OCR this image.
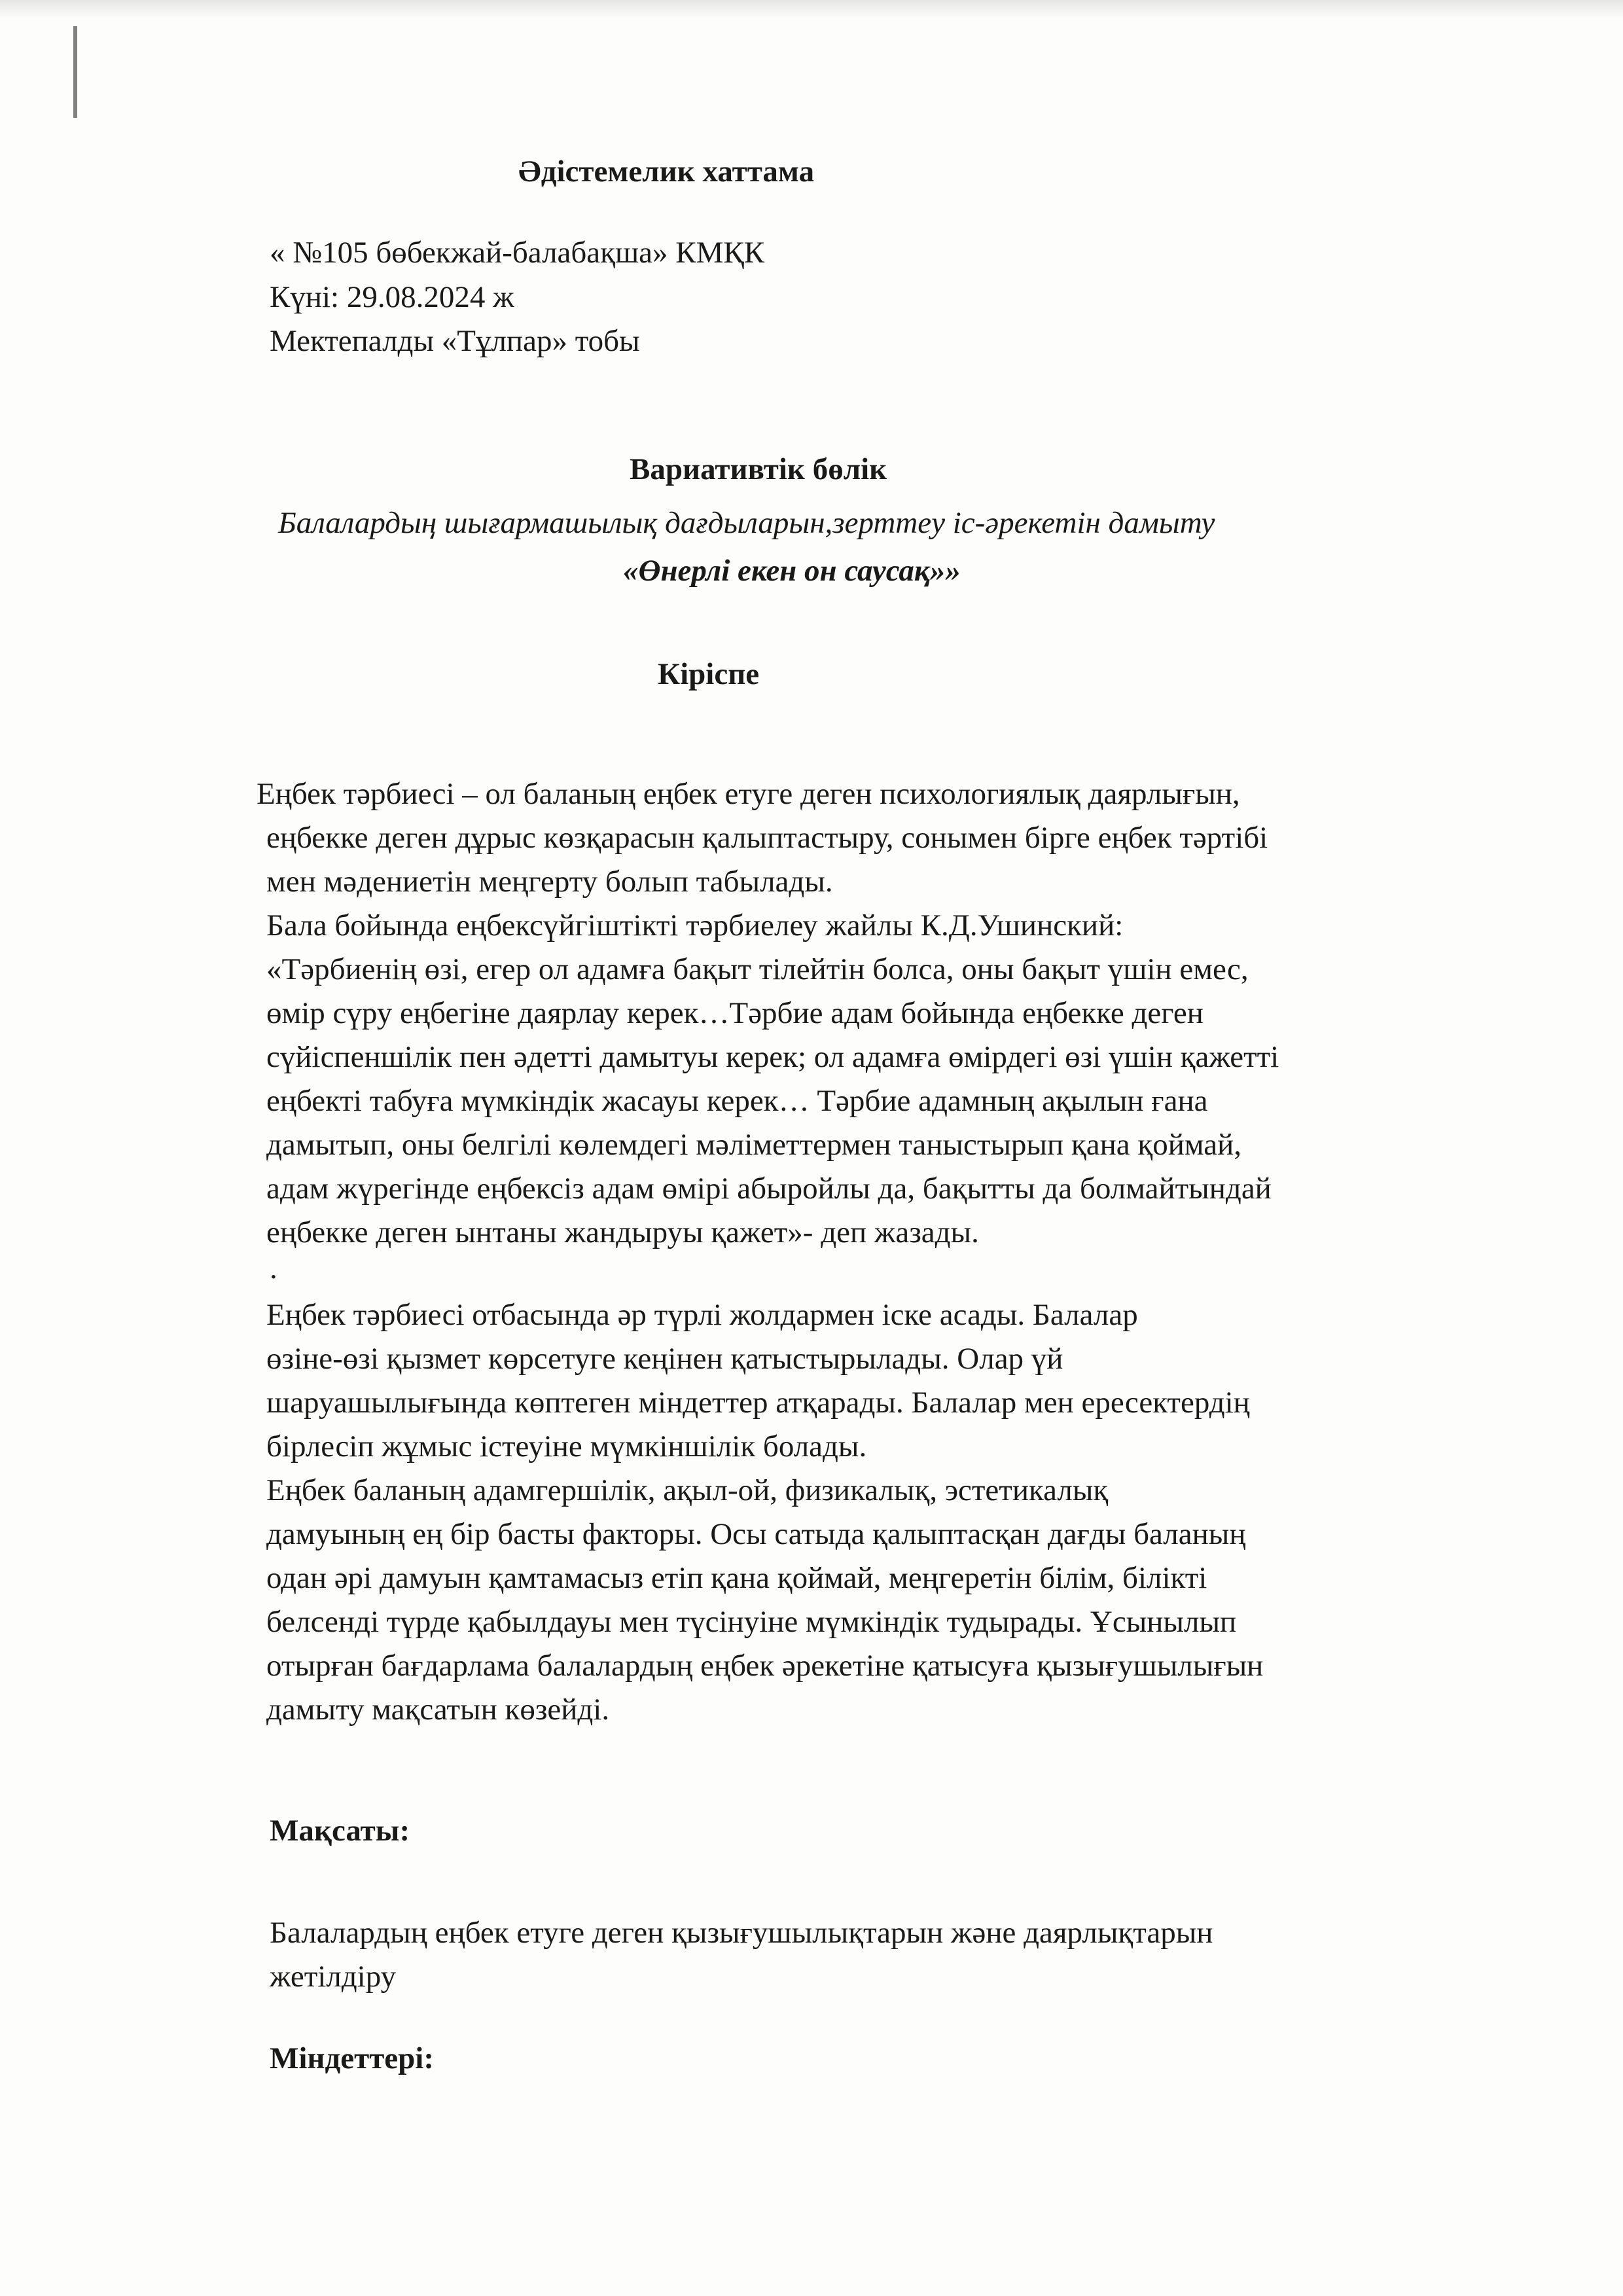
Әдістемелик хаттама
« №105 бөбекжай-балабақша» КМҚК
Күні: 29.08.2024 ж
Мектепалды «Тұлпар» тобы
Вариативтік бөлік
Балалардың шығармашылық дағдыларын,зерттеу іс-әрекетін дамыту
«Өнерлі екен он саусақ»»
Кіріспе
Еңбек тәрбиесі – ол баланың еңбек етуге деген психологиялық даярлығын,
еңбекке деген дұрыс көзқарасын қалыптастыру, сонымен бірге еңбек тәртібі
мен мәдениетін меңгерту болып табылады.
Бала бойында еңбексүйгіштікті тәрбиелеу жайлы К.Д.Ушинский:
«Тәрбиенің өзі, егер ол адамға бақыт тілейтін болса, оны бақыт үшін емес,
өмір сүру еңбегіне даярлау керек…Тәрбие адам бойында еңбекке деген
сүйіспеншілік пен әдетті дамытуы керек; ол адамға өмірдегі өзі үшін қажетті
еңбекті табуға мүмкіндік жасауы керек… Тәрбие адамның ақылын ғана
дамытып, оны белгілі көлемдегі мәліметтермен таныстырып қана қоймай,
адам жүрегінде еңбексіз адам өмірі абыройлы да, бақытты да болмайтындай
еңбекке деген ынтаны жандыруы қажет»- деп жазады.
.
Еңбек тәрбиесі отбасында әр түрлі жолдармен іске асады. Балалар
өзіне-өзі қызмет көрсетуге кеңінен қатыстырылады. Олар үй
шаруашылығында көптеген міндеттер атқарады. Балалар мен ересектердің
бірлесіп жұмыс істеуіне мүмкіншілік болады.
Еңбек баланың адамгершілік, ақыл-ой, физикалық, эстетикалық
дамуының ең бір басты факторы. Осы сатыда қалыптасқан дағды баланың
одан әрі дамуын қамтамасыз етіп қана қоймай, меңгеретін білім, білікті
белсенді түрде қабылдауы мен түсінуіне мүмкіндік тудырады. Ұсынылып
отырған бағдарлама балалардың еңбек әрекетіне қатысуға қызығушылығын
дамыту мақсатын көзейді.
Мақсаты:
Балалардың еңбек етуге деген қызығушылықтарын және даярлықтарын
жетілдіру
Міндеттері:
